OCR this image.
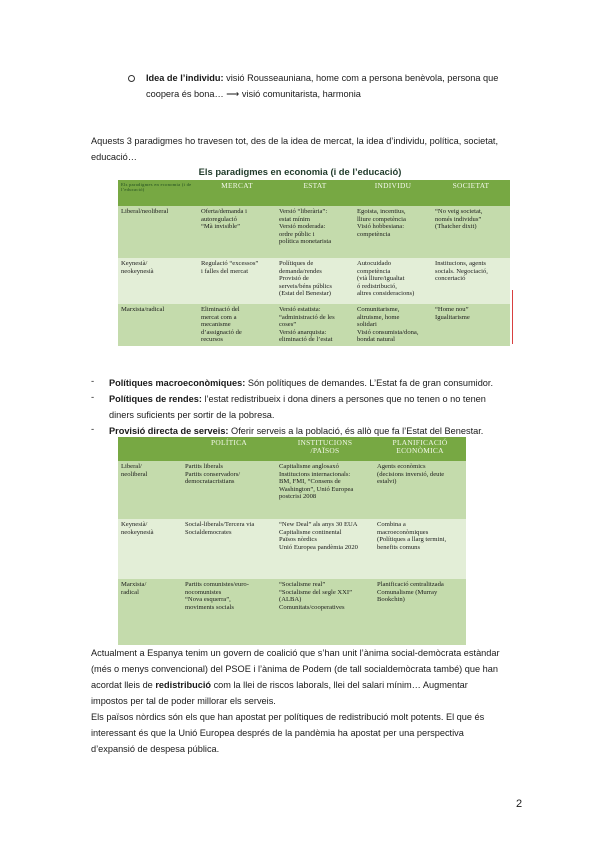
Idea de l’individu: visió Rousseauniana, home com a persona benèvola, persona que
coopera és bona… ⟶ visió comunitarista, harmonia
Aquests 3 paradigmes ho travesen tot, des de la idea de mercat, la idea d’individu, política, societat,
educació…
Els paradigmes en economia (i de l’educació)
Els paradigmes en economia (i de l’educació)	MERCAT	ESTAT	INDIVIDU	SOCIETAT
Liberal/neoliberal	Oferta/demanda i
autoregulació
“Mà invisible”	Versió “liberària”:
estat mínim
Versió moderada:
ordre públic i
política monetarista	Egoista, incentius,
lliure competència
Visió hobbesiana:
competència	“No veig societat,
només individus”
(Thatcher dixit)
Keynesià/
neokeynesià	Regulació “excessos”
i falles del mercat	Polítiques de
demanda/rendes
Provisió de
serveis/béns públics
(Estat del Benestar)	Autocuidado
competència
(vià lliure/igualtat
ó redistribució,
altres consideracions)	Institucions, agents
socials. Negociació,
concertació
Marxista/radical	Eliminació del
mercat com a
mecanisme
d’assignació de
recursos	Versió estatista:
“administració de les
coses”
Versió anarquista:
eliminació de l’estat	Comunitarisme,
altruisme, home
solidari
Visió consumista/dona,
bondat natural	“Home nou”
Igualitarisme
- Polítiques macroeconòmiques: Són polítiques de demandes. L’Estat fa de gran consumidor.
- Polítiques de rendes: l’estat redistribueix i dona diners a persones que no tenen o no tenen
diners suficients per sortir de la pobresa.
- Provisió directa de serveis: Oferir serveis a la població, és allò que fa l’Estat del Benestar.
	POLÍTICA	INSTITUCIONS
/PAÏSOS	PLANIFICACIÓ
ECONÒMICA
Liberal/
neoliberal	Partits liberals
Partits conservadors/
democratacristians	Capitalisme anglosaxó
Institucions internacionals:
BM, FMI, “Consens de
Washington”, Unió Europea
postcrisi 2008	Agents econòmics
(decisions inversió, deute
estalvi)
Keynesià/
neokeynesià	Social-liberals/Tercera via
Socialdemocrates	“New Deal” als anys 30 EUA
Capitalisme continental
Països nòrdics
Unió Europea pandèmia 2020	Combina a
macroeconòmiques
(Polítiques a llarg termini,
benefits comuns
Marxista/
radical	Partits comunistes/euro-
nocomunistes
“Nova esquerra”,
moviments socials	“Socialisme real”
“Socialisme del segle XXI”
(ALBA)
Comunitats/cooperatives	Planificació centralitzada
Comunalisme (Murray
Bookchin)
Actualment a Espanya tenim un govern de coalició que s’han unit l’ànima social-demòcrata estàndar
(més o menys convencional) del PSOE i l’ànima de Podem (de tall socialdemòcrata també) que han
acordat lleis de redistribució com la llei de riscos laborals, llei del salari mínim… Augmentar
impostos per tal de poder millorar els serveis.
Els països nòrdics són els que han apostat per polítiques de redistribució molt potents. El que és
interessant és que la Unió Europea després de la pandèmia ha apostat per una perspectiva
d’expansió de despesa pública.
2
